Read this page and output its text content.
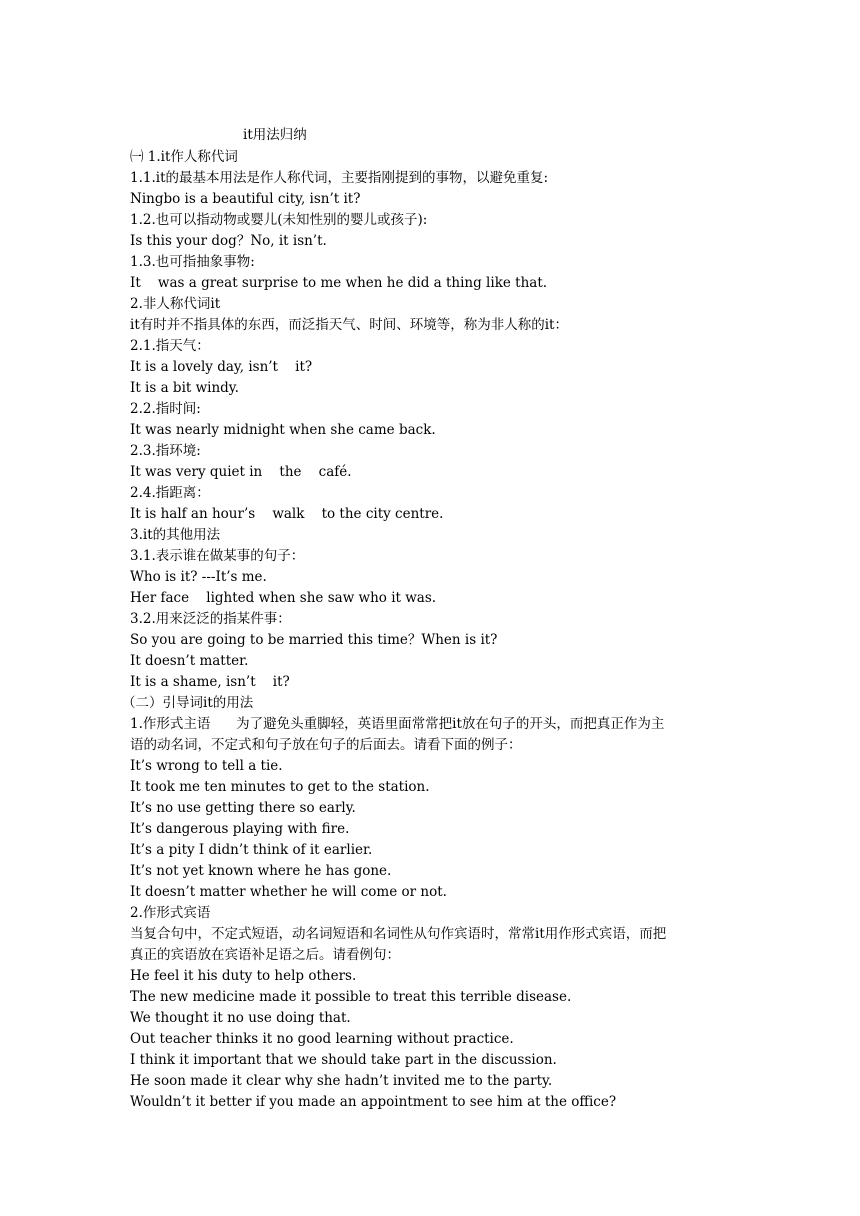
it用法归纳
㈠ 1.it作人称代词
1.1.it的最基本用法是作人称代词，主要指刚提到的事物，以避免重复:
Ningbo is a beautiful city, isn’t it?
1.2.也可以指动物或婴儿(未知性别的婴儿或孩子):
Is this your dog？No, it isn’t.
1.3.也可指抽象事物:
It    was a great surprise to me when he did a thing like that.
2.非人称代词it
it有时并不指具体的东西，而泛指天气、时间、环境等，称为非人称的it：
2.1.指天气：
It is a lovely day, isn’t    it?
It is a bit windy.
2.2.指时间:
It was nearly midnight when she came back.
2.3.指环境:
It was very quiet in    the    café.
2.4.指距离：
It is half an hour’s    walk    to the city centre.
3.it的其他用法
3.1.表示谁在做某事的句子：
Who is it? ---It’s me.
Her face    lighted when she saw who it was.
3.2.用来泛泛的指某件事：
So you are going to be married this time？When is it?
It doesn’t matter.
It is a shame, isn’t    it?
（二）引导词it的用法
1.作形式主语      为了避免头重脚轻，英语里面常常把it放在句子的开头，而把真正作为主
语的动名词，不定式和句子放在句子的后面去。请看下面的例子：
It’s wrong to tell a tie.
It took me ten minutes to get to the station.
It’s no use getting there so early.
It’s dangerous playing with fire.
It’s a pity I didn’t think of it earlier.
It’s not yet known where he has gone.
It doesn’t matter whether he will come or not.
2.作形式宾语
当复合句中，不定式短语，动名词短语和名词性从句作宾语时，常常it用作形式宾语，而把
真正的宾语放在宾语补足语之后。请看例句：
He feel it his duty to help others.
The new medicine made it possible to treat this terrible disease.
We thought it no use doing that.
Out teacher thinks it no good learning without practice.
I think it important that we should take part in the discussion.
He soon made it clear why she hadn’t invited me to the party.
Wouldn’t it better if you made an appointment to see him at the office?
